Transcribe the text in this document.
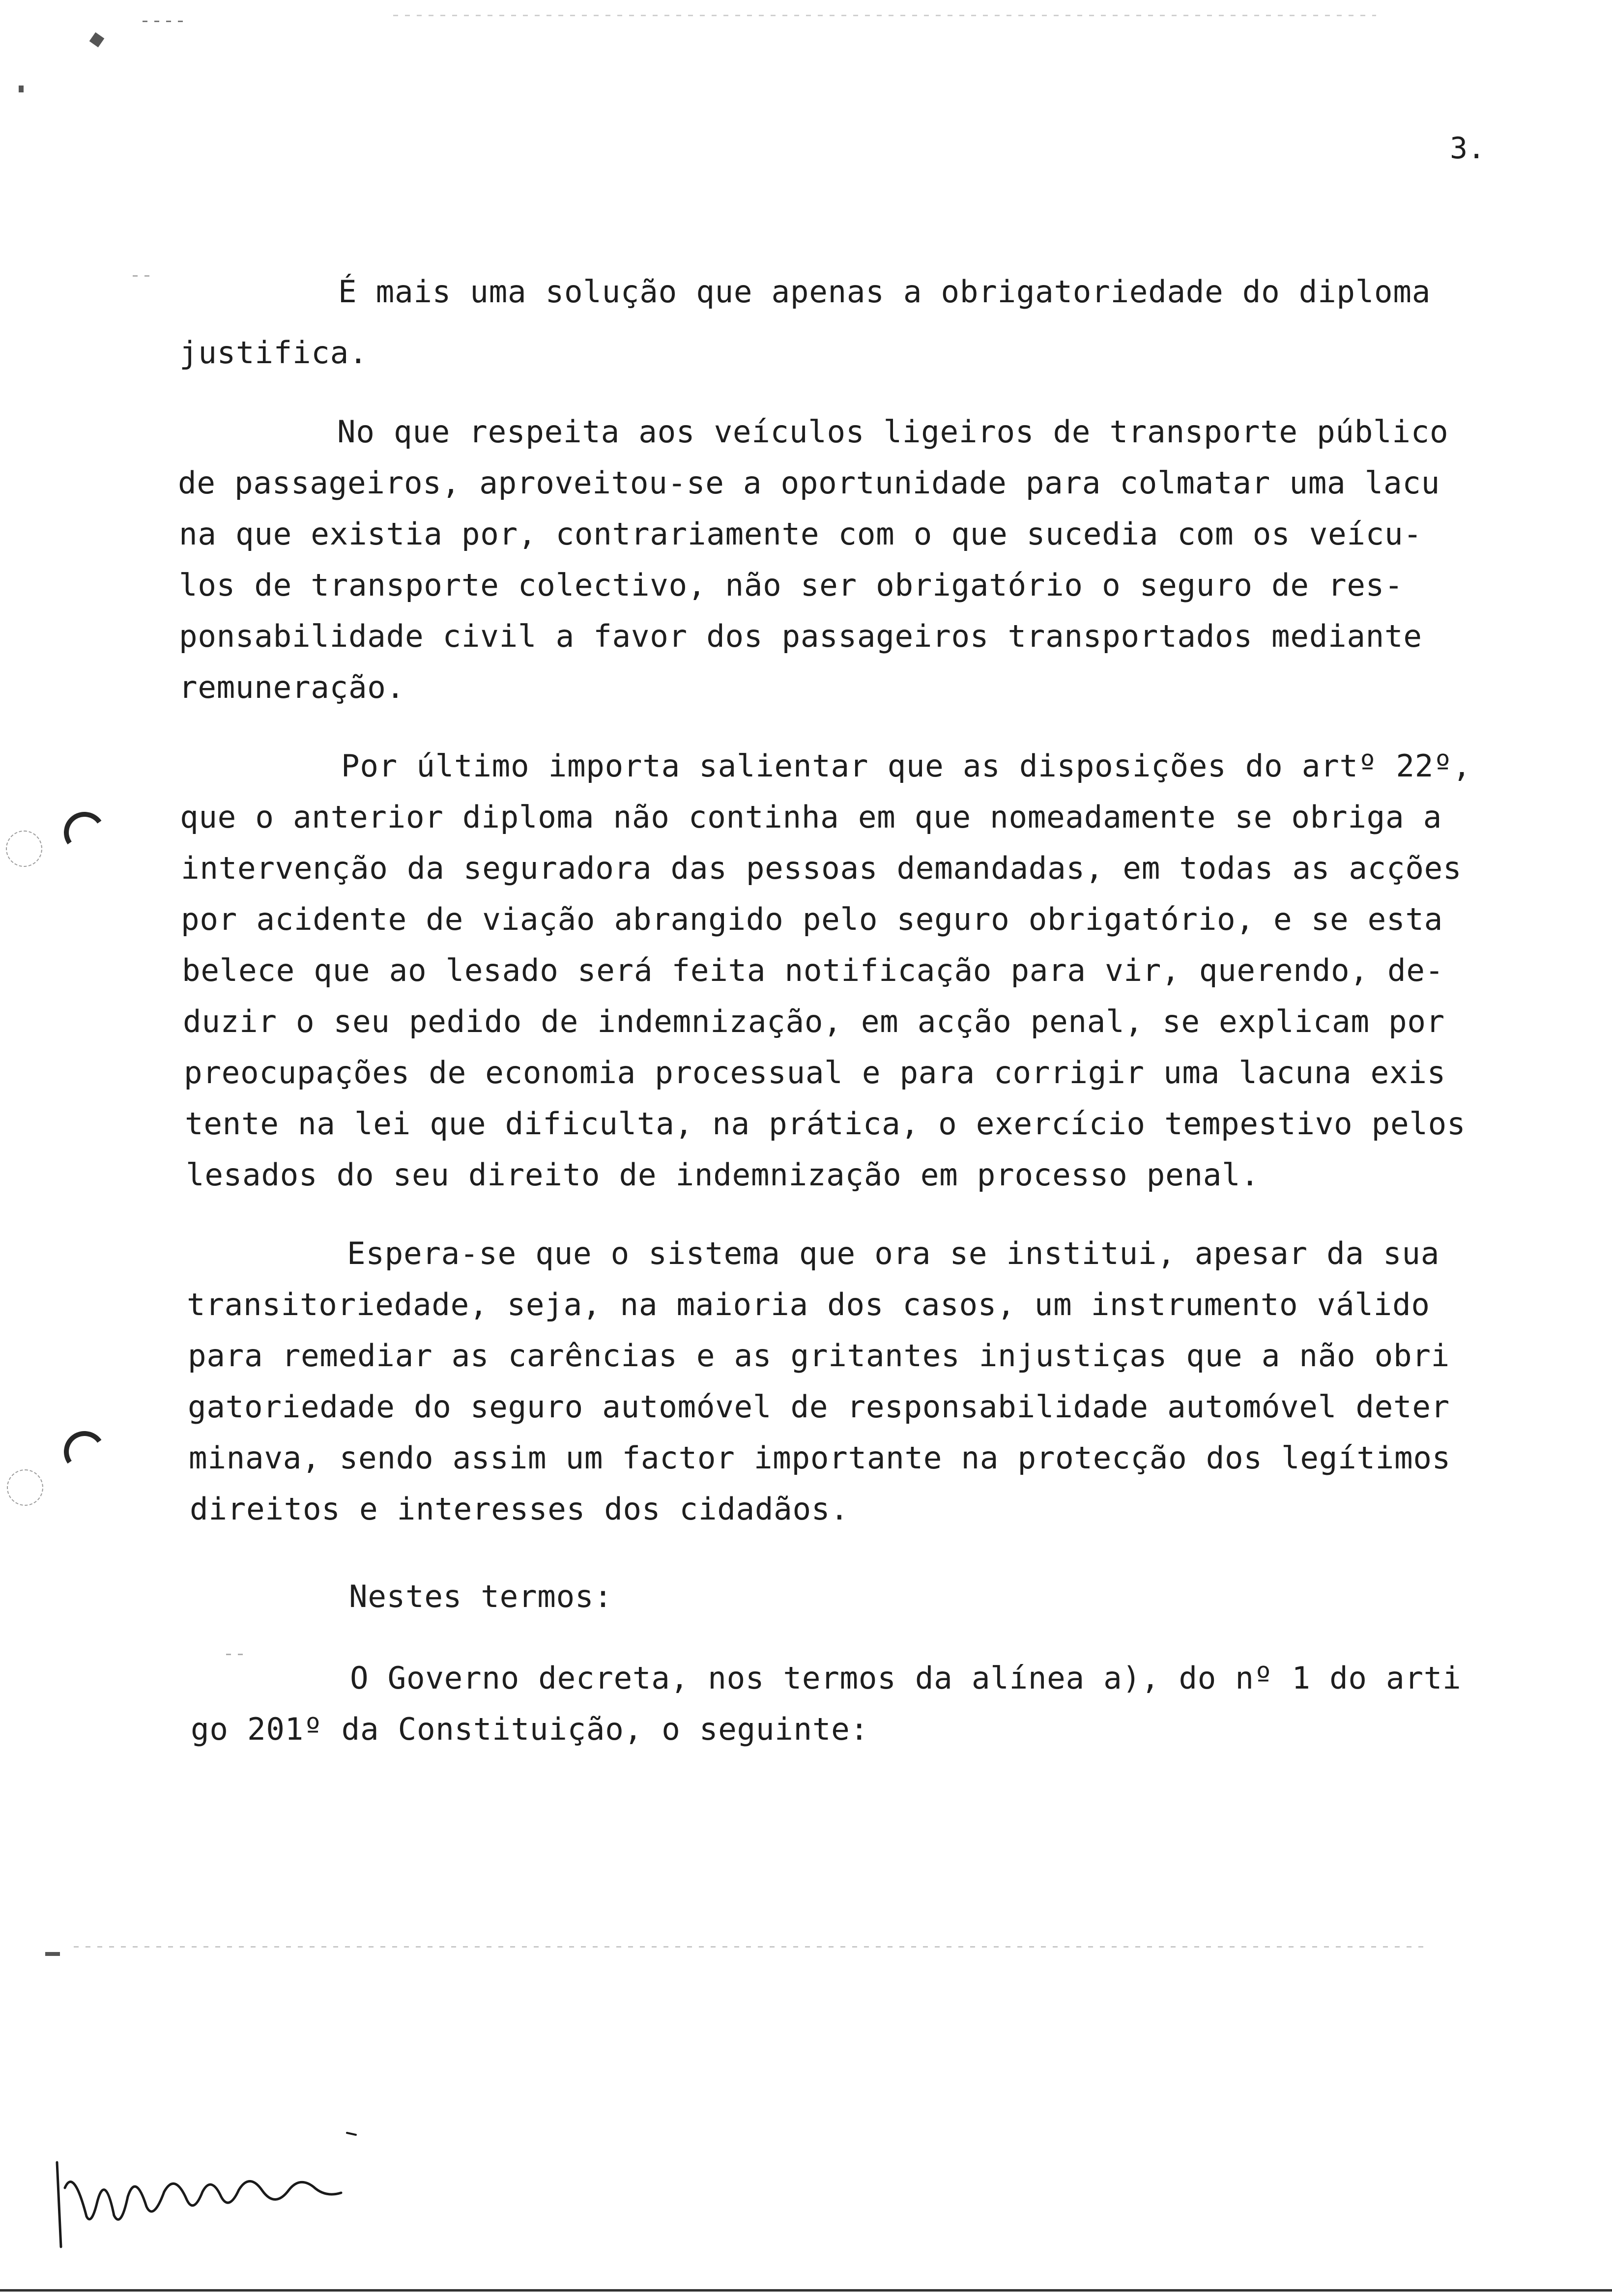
3.
É mais uma solução que apenas a obrigatoriedade do diploma
justifica.
No que respeita aos veículos ligeiros de transporte público
de passageiros, aproveitou-se a oportunidade para colmatar uma lacu
na que existia por, contrariamente com o que sucedia com os veícu-
los de transporte colectivo, não ser obrigatório o seguro de res-
ponsabilidade civil a favor dos passageiros transportados mediante
remuneração.
Por último importa salientar que as disposições do artº 22º,
que o anterior diploma não continha em que nomeadamente se obriga a
intervenção da seguradora das pessoas demandadas, em todas as acções
por acidente de viação abrangido pelo seguro obrigatório, e se esta
belece que ao lesado será feita notificação para vir, querendo, de-
duzir o seu pedido de indemnização, em acção penal, se explicam por
preocupações de economia processual e para corrigir uma lacuna exis
tente na lei que dificulta, na prática, o exercício tempestivo pelos
lesados do seu direito de indemnização em processo penal.
Espera-se que o sistema que ora se institui, apesar da sua
transitoriedade, seja, na maioria dos casos, um instrumento válido
para remediar as carências e as gritantes injustiças que a não obri
gatoriedade do seguro automóvel de responsabilidade automóvel deter
minava, sendo assim um factor importante na protecção dos legítimos
direitos e interesses dos cidadãos.
Nestes termos:
O Governo decreta, nos termos da alínea a), do nº 1 do arti
go 201º da Constituição, o seguinte:
